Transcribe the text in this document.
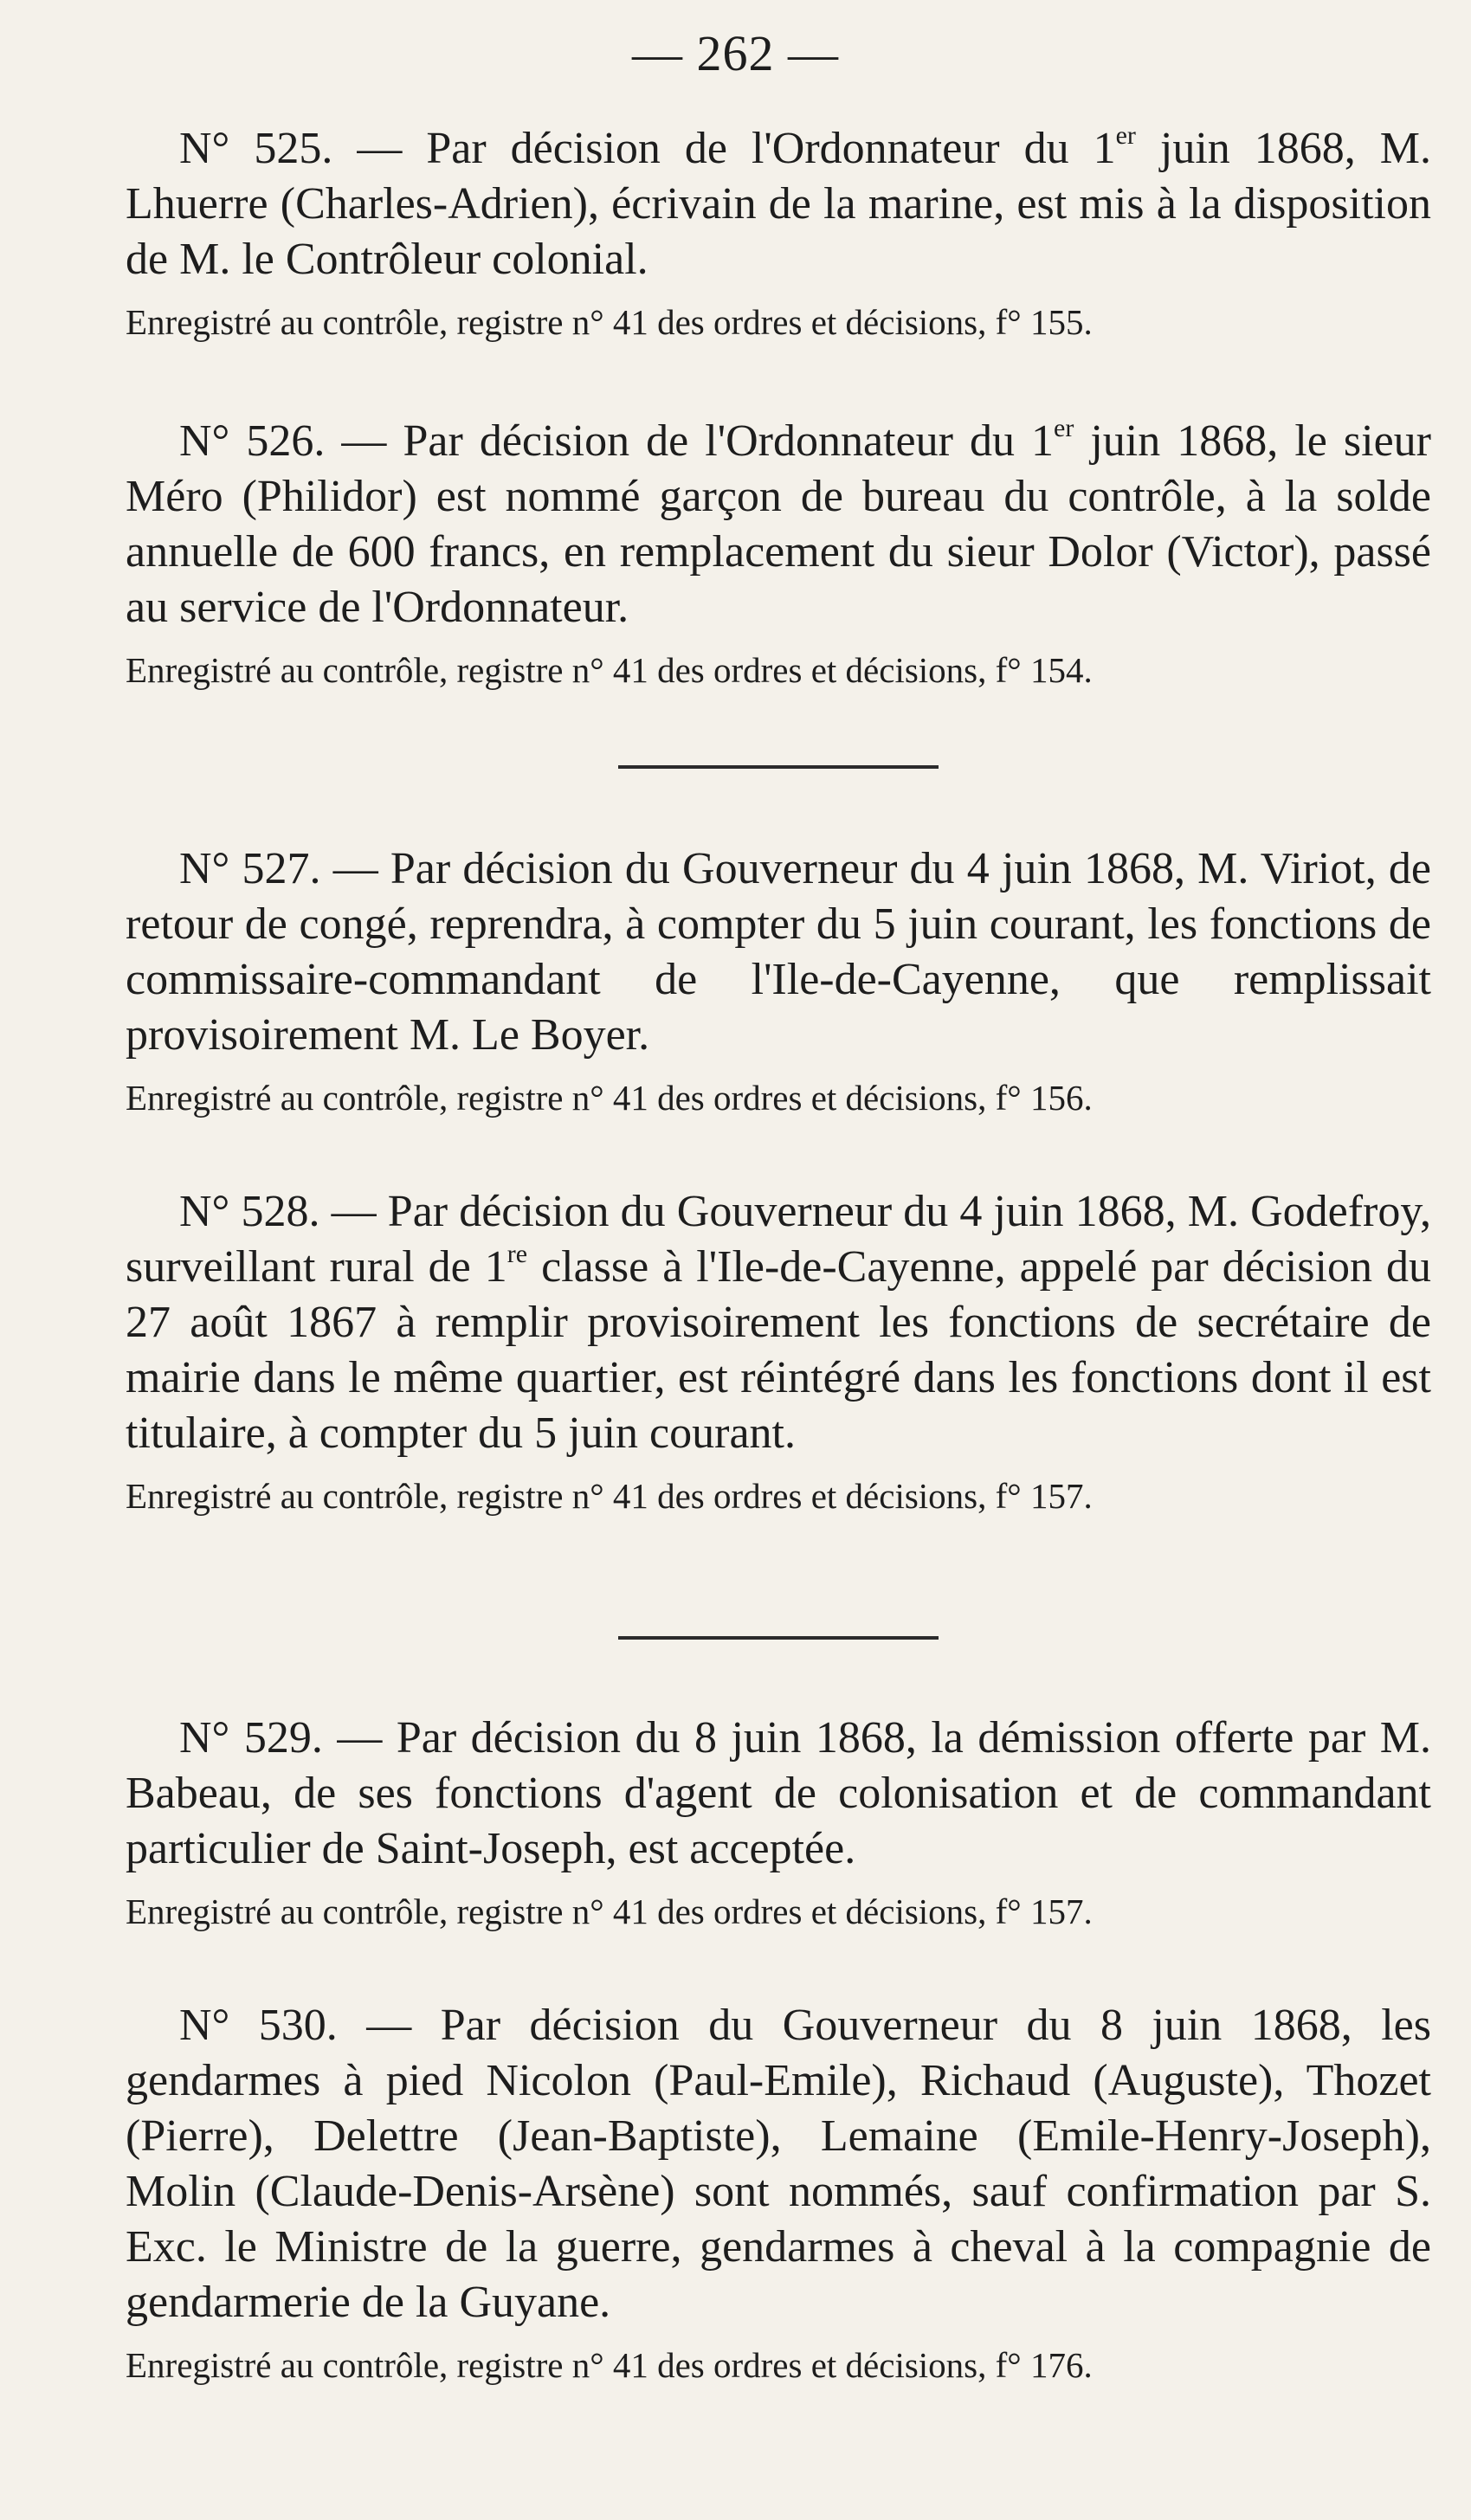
— 262 —

N° 525. — Par décision de l'Ordonnateur du 1er juin 1868, M. Lhuerre (Charles-Adrien), écrivain de la marine, est mis à la disposition de M. le Contrôleur colonial.

Enregistré au contrôle, registre n° 41 des ordres et décisions, f° 155.

N° 526. — Par décision de l'Ordonnateur du 1er juin 1868, le sieur Méro (Philidor) est nommé garçon de bureau du contrôle, à la solde annuelle de 600 francs, en remplacement du sieur Dolor (Victor), passé au service de l'Ordonnateur.

Enregistré au contrôle, registre n° 41 des ordres et décisions, f° 154.

N° 527. — Par décision du Gouverneur du 4 juin 1868, M. Viriot, de retour de congé, reprendra, à compter du 5 juin courant, les fonctions de commissaire-commandant de l'Ile-de-Cayenne, que remplissait provisoirement M. Le Boyer.

Enregistré au contrôle, registre n° 41 des ordres et décisions, f° 156.

N° 528. — Par décision du Gouverneur du 4 juin 1868, M. Godefroy, surveillant rural de 1re classe à l'Ile-de-Cayenne, appelé par décision du 27 août 1867 à remplir provisoirement les fonctions de secrétaire de mairie dans le même quartier, est réintégré dans les fonctions dont il est titulaire, à compter du 5 juin courant.

Enregistré au contrôle, registre n° 41 des ordres et décisions, f° 157.

N° 529. — Par décision du 8 juin 1868, la démission offerte par M. Babeau, de ses fonctions d'agent de colonisation et de commandant particulier de Saint-Joseph, est acceptée.

Enregistré au contrôle, registre n° 41 des ordres et décisions, f° 157.

N° 530. — Par décision du Gouverneur du 8 juin 1868, les gendarmes à pied Nicolon (Paul-Emile), Richaud (Auguste), Thozet (Pierre), Delettre (Jean-Baptiste), Lemaine (Emile-Henry-Joseph), Molin (Claude-Denis-Arsène) sont nommés, sauf confirmation par S. Exc. le Ministre de la guerre, gendarmes à cheval à la compagnie de gendarmerie de la Guyane.

Enregistré au contrôle, registre n° 41 des ordres et décisions, f° 176.
